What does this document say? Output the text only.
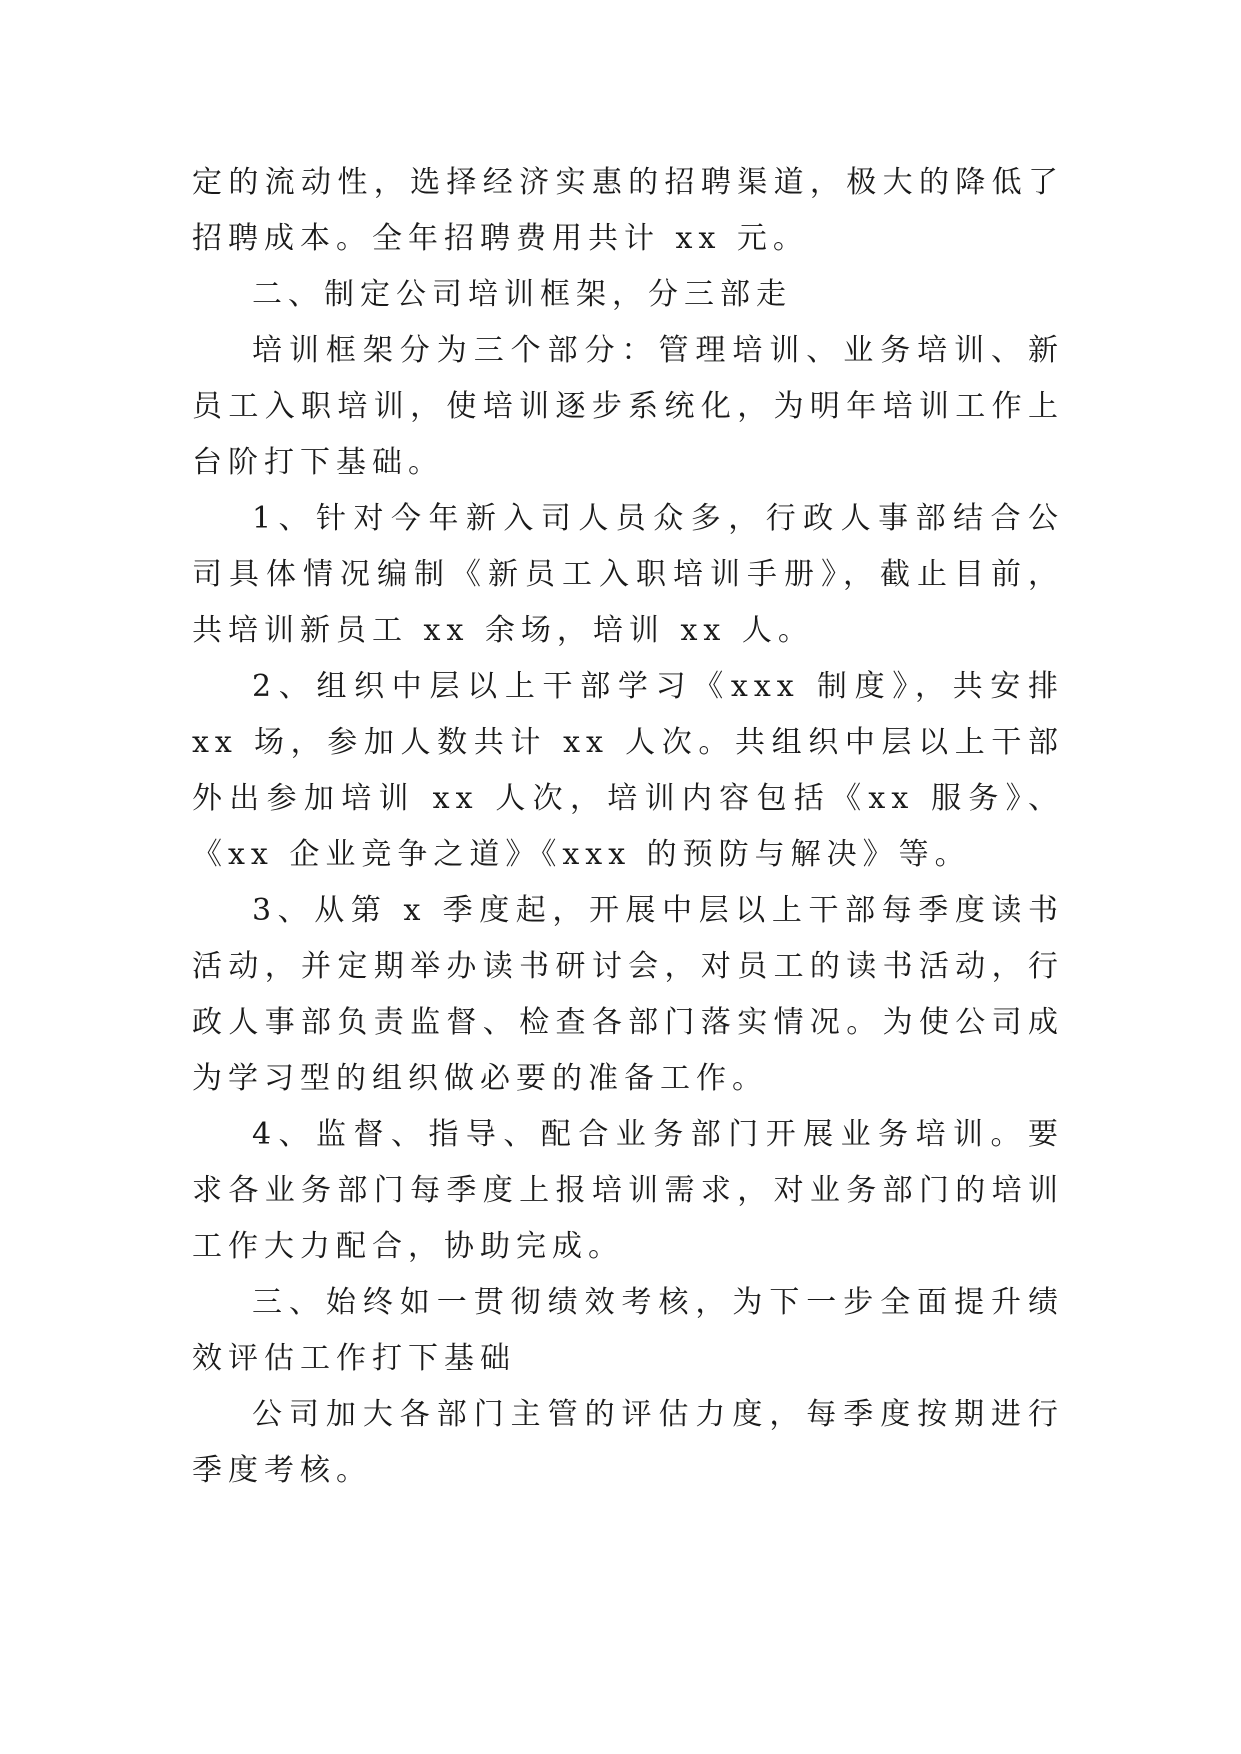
定的流动性，选择经济实惠的招聘渠道，极大的降低了招聘成本。全年招聘费用共计 xx 元。

二、制定公司培训框架，分三部走

培训框架分为三个部分：管理培训、业务培训、新员工入职培训，使培训逐步系统化，为明年培训工作上台阶打下基础。

1、针对今年新入司人员众多，行政人事部结合公司具体情况编制《新员工入职培训手册》，截止目前，共培训新员工 xx 余场，培训 xx 人。

2、组织中层以上干部学习《xxx 制度》，共安排 xx 场，参加人数共计 xx 人次。共组织中层以上干部外出参加培训 xx 人次，培训内容包括《xx 服务》、《xx 企业竞争之道》《xxx 的预防与解决》等。

3、从第 x 季度起，开展中层以上干部每季度读书活动，并定期举办读书研讨会，对员工的读书活动，行政人事部负责监督、检查各部门落实情况。为使公司成为学习型的组织做必要的准备工作。

4、监督、指导、配合业务部门开展业务培训。要求各业务部门每季度上报培训需求，对业务部门的培训工作大力配合，协助完成。

三、始终如一贯彻绩效考核，为下一步全面提升绩效评估工作打下基础

公司加大各部门主管的评估力度，每季度按期进行季度考核。
